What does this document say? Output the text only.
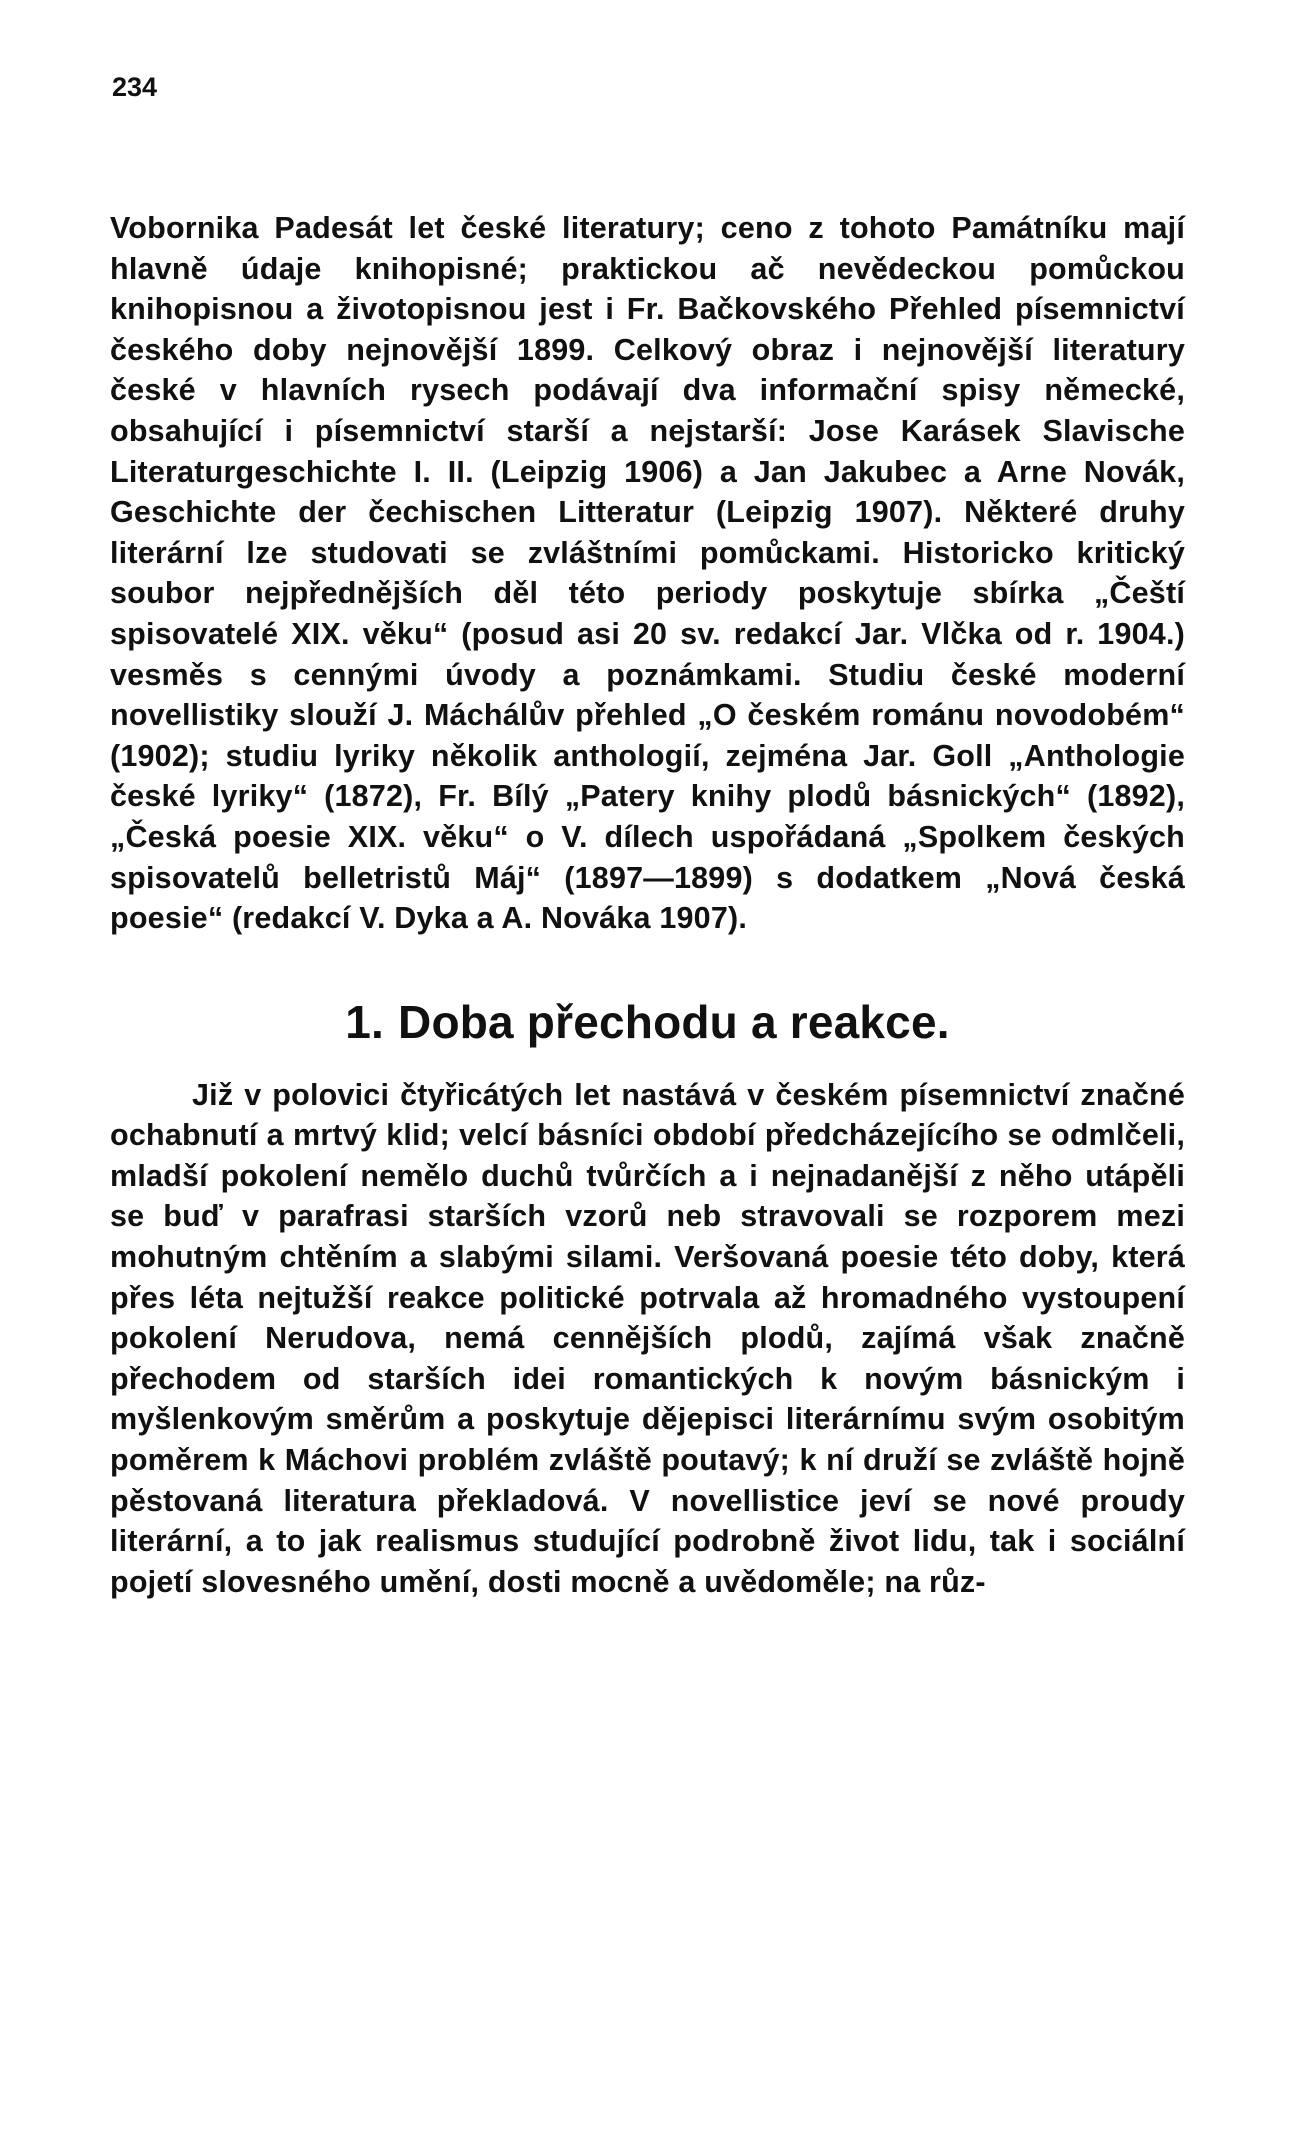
234

Vobornika Padesát let české literatury; ceno z tohoto Památníku mají hlavně údaje knihopisné; praktickou ač nevědeckou pomůckou knihopisnou a životopisnou jest i Fr. Bačkovského Přehled písemnictví českého doby nejnovější 1899. Celkový obraz i nejnovější literatury české v hlavních rysech podávají dva informační spisy německé, obsahující i písemnictví starší a nejstarší: Jose Karásek Slavische Literaturgeschichte I. II. (Leipzig 1906) a Jan Jakubec a Arne Novák, Geschichte der čechischen Litteratur (Leipzig 1907). Některé druhy literární lze studovati se zvláštními pomůckami. Historicko kritický soubor nejpřednějších děl této periody poskytuje sbírka „Čeští spisovatelé XIX. věku“ (posud asi 20 sv. redakcí Jar. Vlčka od r. 1904.) vesměs s cennými úvody a poznámkami. Studiu české moderní novellistiky slouží J. Máchálův přehled „O českém románu novodobém“ (1902); studiu lyriky několik anthologií, zejména Jar. Goll „Anthologie české lyriky“ (1872), Fr. Bílý „Patery knihy plodů básnických“ (1892), „Česká poesie XIX. věku“ o V. dílech uspořádaná „Spolkem českých spisovatelů belletristů Máj“ (1897—1899) s dodatkem „Nová česká poesie“ (redakcí V. Dyka a A. Nováka 1907).

1. Doba přechodu a reakce.

Již v polovici čtyřicátých let nastává v českém písemnictví značné ochabnutí a mrtvý klid; velcí básníci období předcházejícího se odmlčeli, mladší pokolení nemělo duchů tvůrčích a i nejnadanější z něho utápěli se buď v parafrasi starších vzorů neb stravovali se rozporem mezi mohutným chtěním a slabými silami. Veršovaná poesie této doby, která přes léta nejtužší reakce politické potrvala až hromadného vystoupení pokolení Nerudova, nemá cennějších plodů, zajímá však značně přechodem od starších idei romantických k novým básnickým i myšlenkovým směrům a poskytuje dějepisci literárnímu svým osobitým poměrem k Máchovi problém zvláště poutavý; k ní druží se zvláště hojně pěstovaná literatura překladová. V novellistice jeví se nové proudy literární, a to jak realismus studující podrobně život lidu, tak i sociální pojetí slovesného umění, dosti mocně a uvědoměle; na růz-
